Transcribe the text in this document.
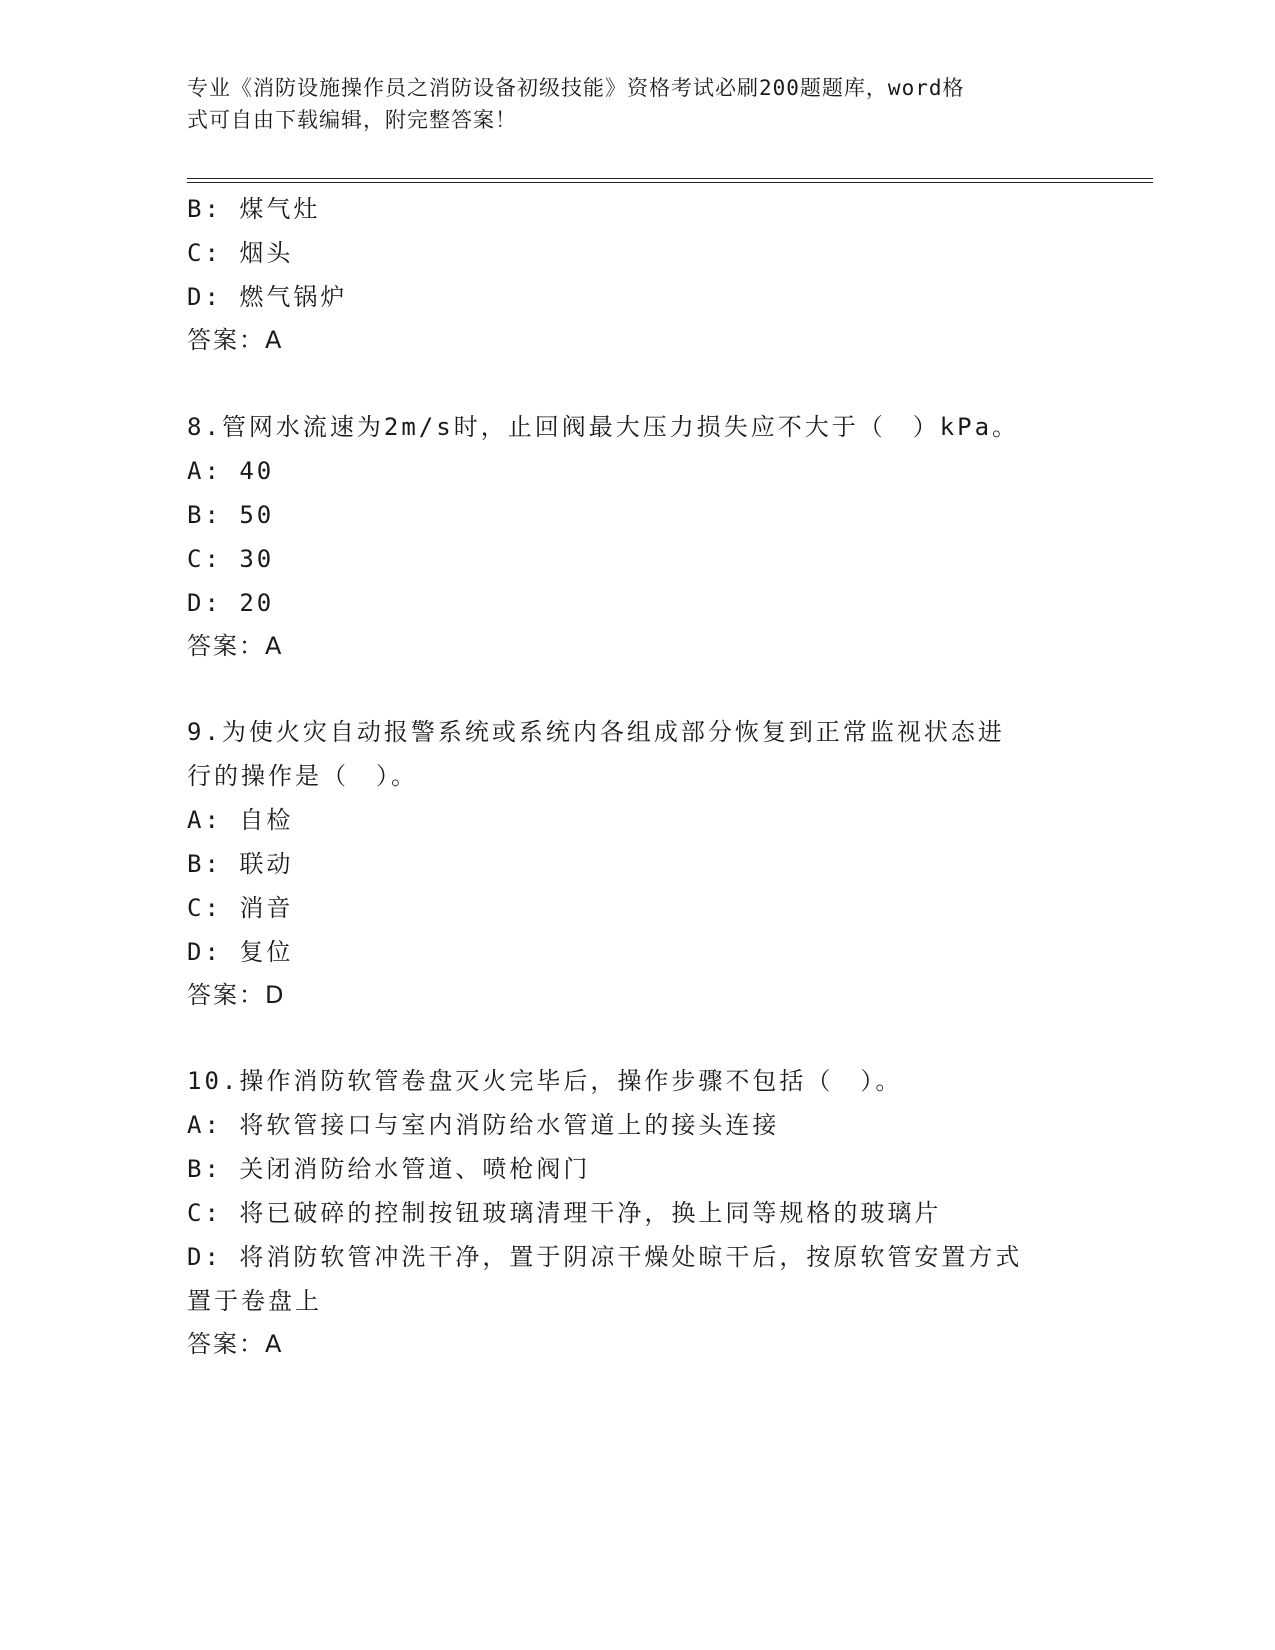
专业《消防设施操作员之消防设备初级技能》资格考试必刷200题题库，word格
式可自由下载编辑，附完整答案！
B: 煤气灶
C: 烟头
D: 燃气锅炉
答案：A
8.管网水流速为2m/s时，止回阀最大压力损失应不大于（　）kPa。
A: 40
B: 50
C: 30
D: 20
答案：A
9.为使火灾自动报警系统或系统内各组成部分恢复到正常监视状态进
行的操作是（　）。
A: 自检
B: 联动
C: 消音
D: 复位
答案：D
10.操作消防软管卷盘灭火完毕后，操作步骤不包括（　）。
A: 将软管接口与室内消防给水管道上的接头连接
B: 关闭消防给水管道、喷枪阀门
C: 将已破碎的控制按钮玻璃清理干净，换上同等规格的玻璃片
D: 将消防软管冲洗干净，置于阴凉干燥处晾干后，按原软管安置方式
置于卷盘上
答案：A
